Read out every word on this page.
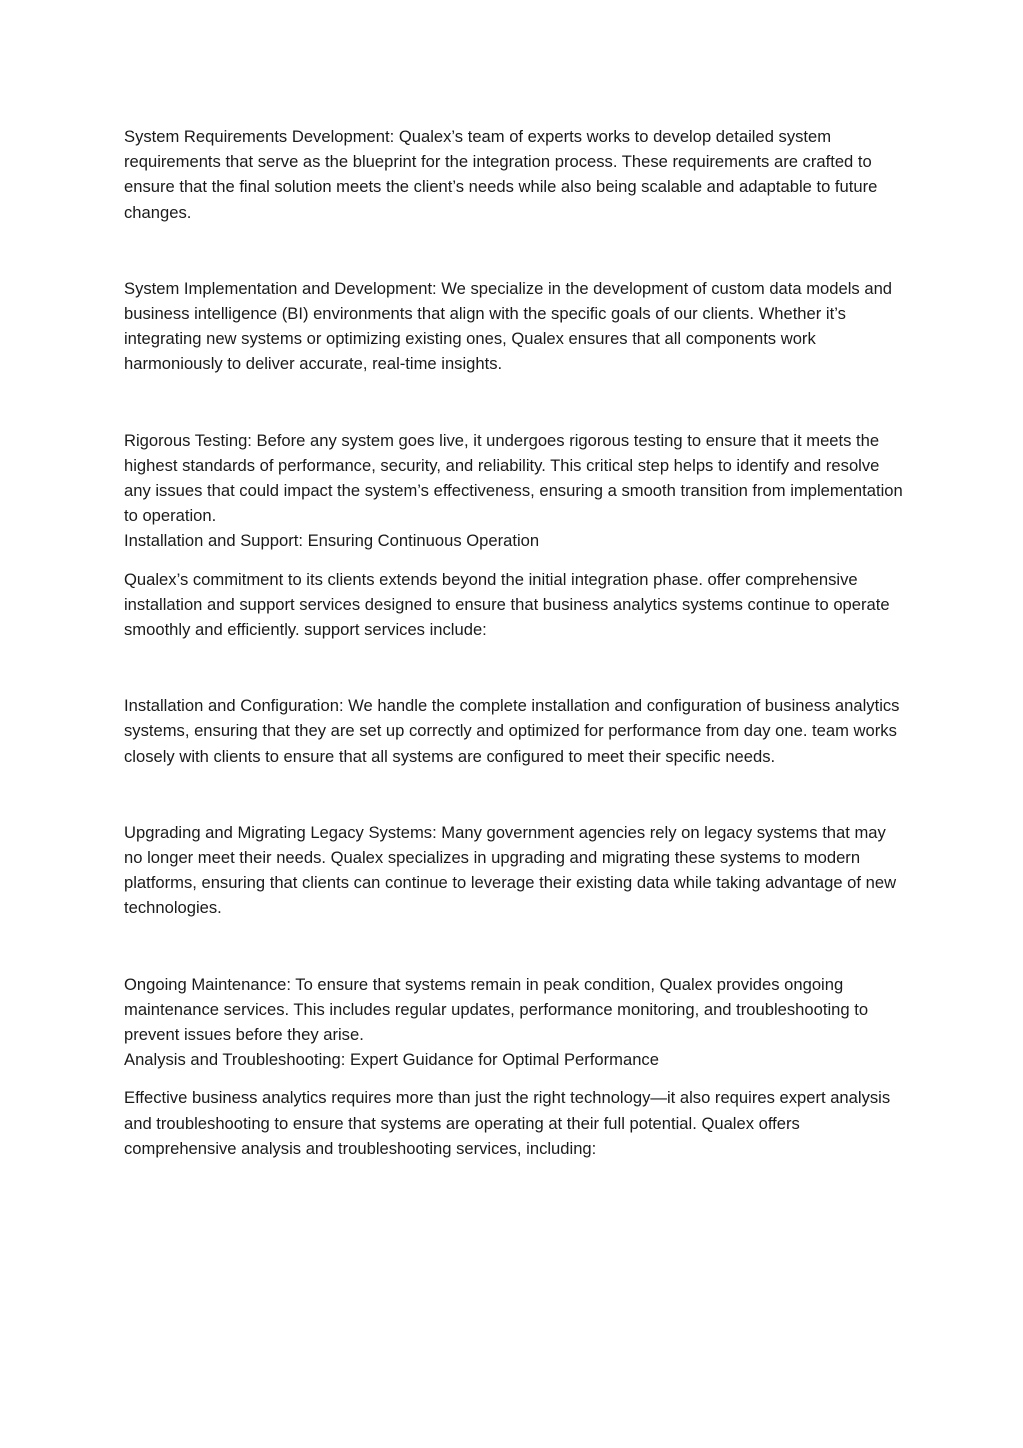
System Requirements Development: Qualex’s team of experts works to develop detailed system requirements that serve as the blueprint for the integration process. These requirements are crafted to ensure that the final solution meets the client’s needs while also being scalable and adaptable to future changes.

System Implementation and Development: We specialize in the development of custom data models and business intelligence (BI) environments that align with the specific goals of our clients. Whether it’s integrating new systems or optimizing existing ones, Qualex ensures that all components work harmoniously to deliver accurate, real-time insights.

Rigorous Testing: Before any system goes live, it undergoes rigorous testing to ensure that it meets the highest standards of performance, security, and reliability. This critical step helps to identify and resolve any issues that could impact the system’s effectiveness, ensuring a smooth transition from implementation to operation.

Installation and Support: Ensuring Continuous Operation

Qualex’s commitment to its clients extends beyond the initial integration phase. offer comprehensive installation and support services designed to ensure that business analytics systems continue to operate smoothly and efficiently. support services include:

Installation and Configuration: We handle the complete installation and configuration of business analytics systems, ensuring that they are set up correctly and optimized for performance from day one. team works closely with clients to ensure that all systems are configured to meet their specific needs.

Upgrading and Migrating Legacy Systems: Many government agencies rely on legacy systems that may no longer meet their needs. Qualex specializes in upgrading and migrating these systems to modern platforms, ensuring that clients can continue to leverage their existing data while taking advantage of new technologies.

Ongoing Maintenance: To ensure that systems remain in peak condition, Qualex provides ongoing maintenance services. This includes regular updates, performance monitoring, and troubleshooting to prevent issues before they arise.

Analysis and Troubleshooting: Expert Guidance for Optimal Performance

Effective business analytics requires more than just the right technology—it also requires expert analysis and troubleshooting to ensure that systems are operating at their full potential. Qualex offers comprehensive analysis and troubleshooting services, including:
